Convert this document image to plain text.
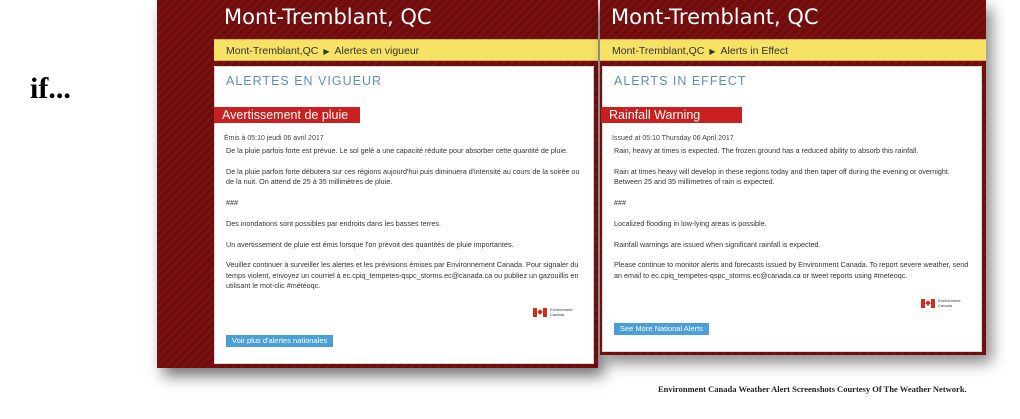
if...
Mont-Tremblant, QC
Mont-Tremblant,QC ▶ Alertes en vigueur
ALERTES EN VIGUEUR
Avertissement de pluie
Émis à 05:10 jeudi 06 avril 2017

De la pluie parfois forte est prévue. Le sol gelé a une capacité réduite pour absorber cette quantité de pluie.

De la pluie parfois forte débutera sur ces régions aujourd'hui puis diminuera d'intensité au cours de la soirée ou de la nuit. On attend de 25 à 35 millimètres de pluie.

###

Des inondations sont possibles par endroits dans les basses terres.

Un avertissement de pluie est émis lorsque l'on prévoit des quantités de pluie importantes.

Veuillez continuer à surveiller les alertes et les prévisions émises par Environnement Canada. Pour signaler du temps violent, envoyez un courriel à ec.cpiq_tempetes-qspc_storms.ec@canada.ca ou publiez un gazouillis en utilisant le mot-clic #météoqc.

Environment Canada
Voir plus d'alertes nationales
Mont-Tremblant, QC
Mont-Tremblant,QC ▶ Alerts in Effect
ALERTS IN EFFECT
Rainfall Warning
Issued at 05:10 Thursday 06 April 2017

Rain, heavy at times is expected. The frozen ground has a reduced ability to absorb this rainfall.

Rain at times heavy will develop in these regions today and then taper off during the evening or overnight. Between 25 and 35 millimetres of rain is expected.

###

Localized flooding in low-lying areas is possible.

Rainfall warnings are issued when significant rainfall is expected.

Please continue to monitor alerts and forecasts issued by Environment Canada. To report severe weather, send an email to ec.cpiq_tempetes-qspc_storms.ec@canada.ca or tweet reports using #meteoqc.

Environment Canada
See More National Alerts
Environment Canada Weather Alert Screenshots Courtesy Of The Weather Network.
